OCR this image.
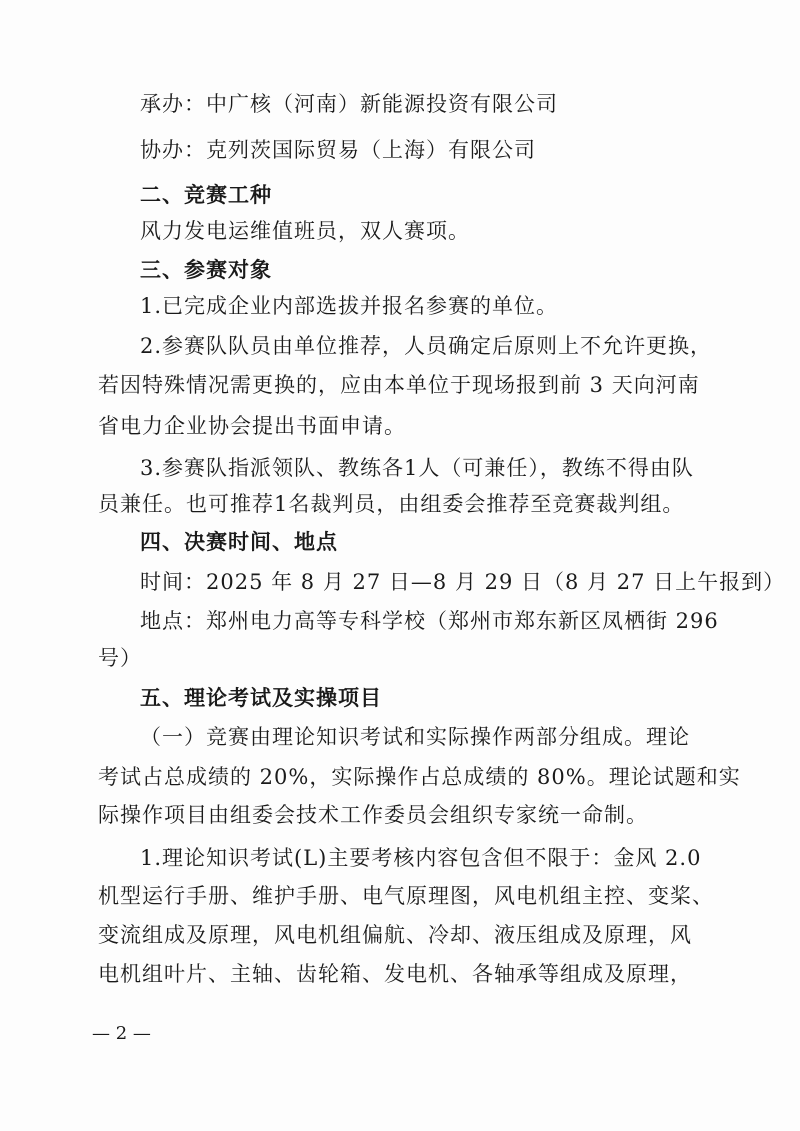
承办：中广核（河南）新能源投资有限公司
协办：克列茨国际贸易（上海）有限公司
二、竞赛工种
风力发电运维值班员，双人赛项。
三、参赛对象
1.已完成企业内部选拔并报名参赛的单位。
2.参赛队队员由单位推荐，人员确定后原则上不允许更换，
若因特殊情况需更换的，应由本单位于现场报到前 3 天向河南
省电力企业协会提出书面申请。
3.参赛队指派领队、教练各1人（可兼任），教练不得由队
员兼任。也可推荐1名裁判员，由组委会推荐至竞赛裁判组。
四、决赛时间、地点
时间：2025 年 8 月 27 日—8 月 29 日（8 月 27 日上午报到）
地点：郑州电力高等专科学校（郑州市郑东新区凤栖街 296
号）
五、理论考试及实操项目
（一）竞赛由理论知识考试和实际操作两部分组成。理论
考试占总成绩的 20%，实际操作占总成绩的 80%。理论试题和实
际操作项目由组委会技术工作委员会组织专家统一命制。
1.理论知识考试(L)主要考核内容包含但不限于：金风 2.0
机型运行手册、维护手册、电气原理图，风电机组主控、变桨、
变流组成及原理，风电机组偏航、冷却、液压组成及原理，风
电机组叶片、主轴、齿轮箱、发电机、各轴承等组成及原理，
— 2 —
